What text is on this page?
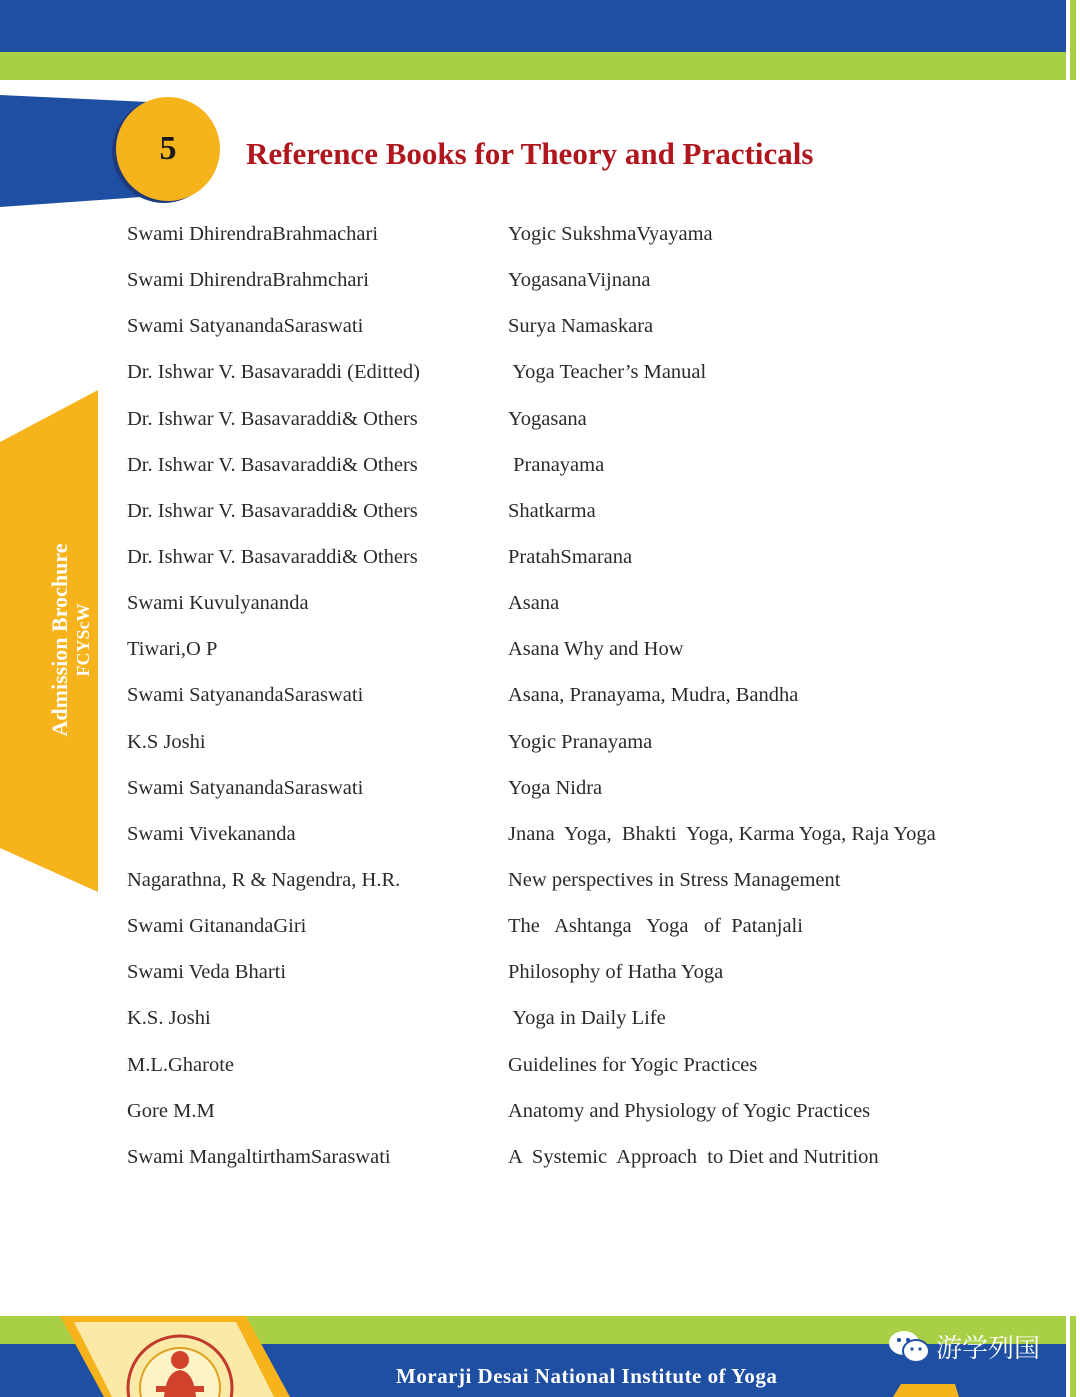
5 Reference Books for Theory and Practicals
Admission Brochure FCYScW
Swami DhirendraBrahmachari	Yogic SukshmaVyayama
Swami DhirendraBrahmchari	YogasanaVijnana
Swami SatyanandaSaraswati	Surya Namaskara
Dr. Ishwar V. Basavaraddi (Editted)	Yoga Teacher’s Manual
Dr. Ishwar V. Basavaraddi& Others	Yogasana
Dr. Ishwar V. Basavaraddi& Others	Pranayama
Dr. Ishwar V. Basavaraddi& Others	Shatkarma
Dr. Ishwar V. Basavaraddi& Others	PratahSmarana
Swami Kuvulyananda	Asana
Tiwari,O P	Asana Why and How
Swami SatyanandaSaraswati	Asana, Pranayama, Mudra, Bandha
K.S Joshi	Yogic Pranayama
Swami SatyanandaSaraswati	Yoga Nidra
Swami Vivekananda	Jnana  Yoga,  Bhakti  Yoga, Karma Yoga, Raja Yoga
Nagarathna, R & Nagendra, H.R.	New perspectives in Stress Management
Swami GitanandaGiri	The   Ashtanga   Yoga   of  Patanjali
Swami Veda Bharti	Philosophy of Hatha Yoga
K.S. Joshi	Yoga in Daily Life
M.L.Gharote	Guidelines for Yogic Practices
Gore M.M	Anatomy and Physiology of Yogic Practices
Swami MangaltirthamSaraswati	A  Systemic  Approach  to Diet and Nutrition
Morarji Desai National Institute of Yoga
游学列国
